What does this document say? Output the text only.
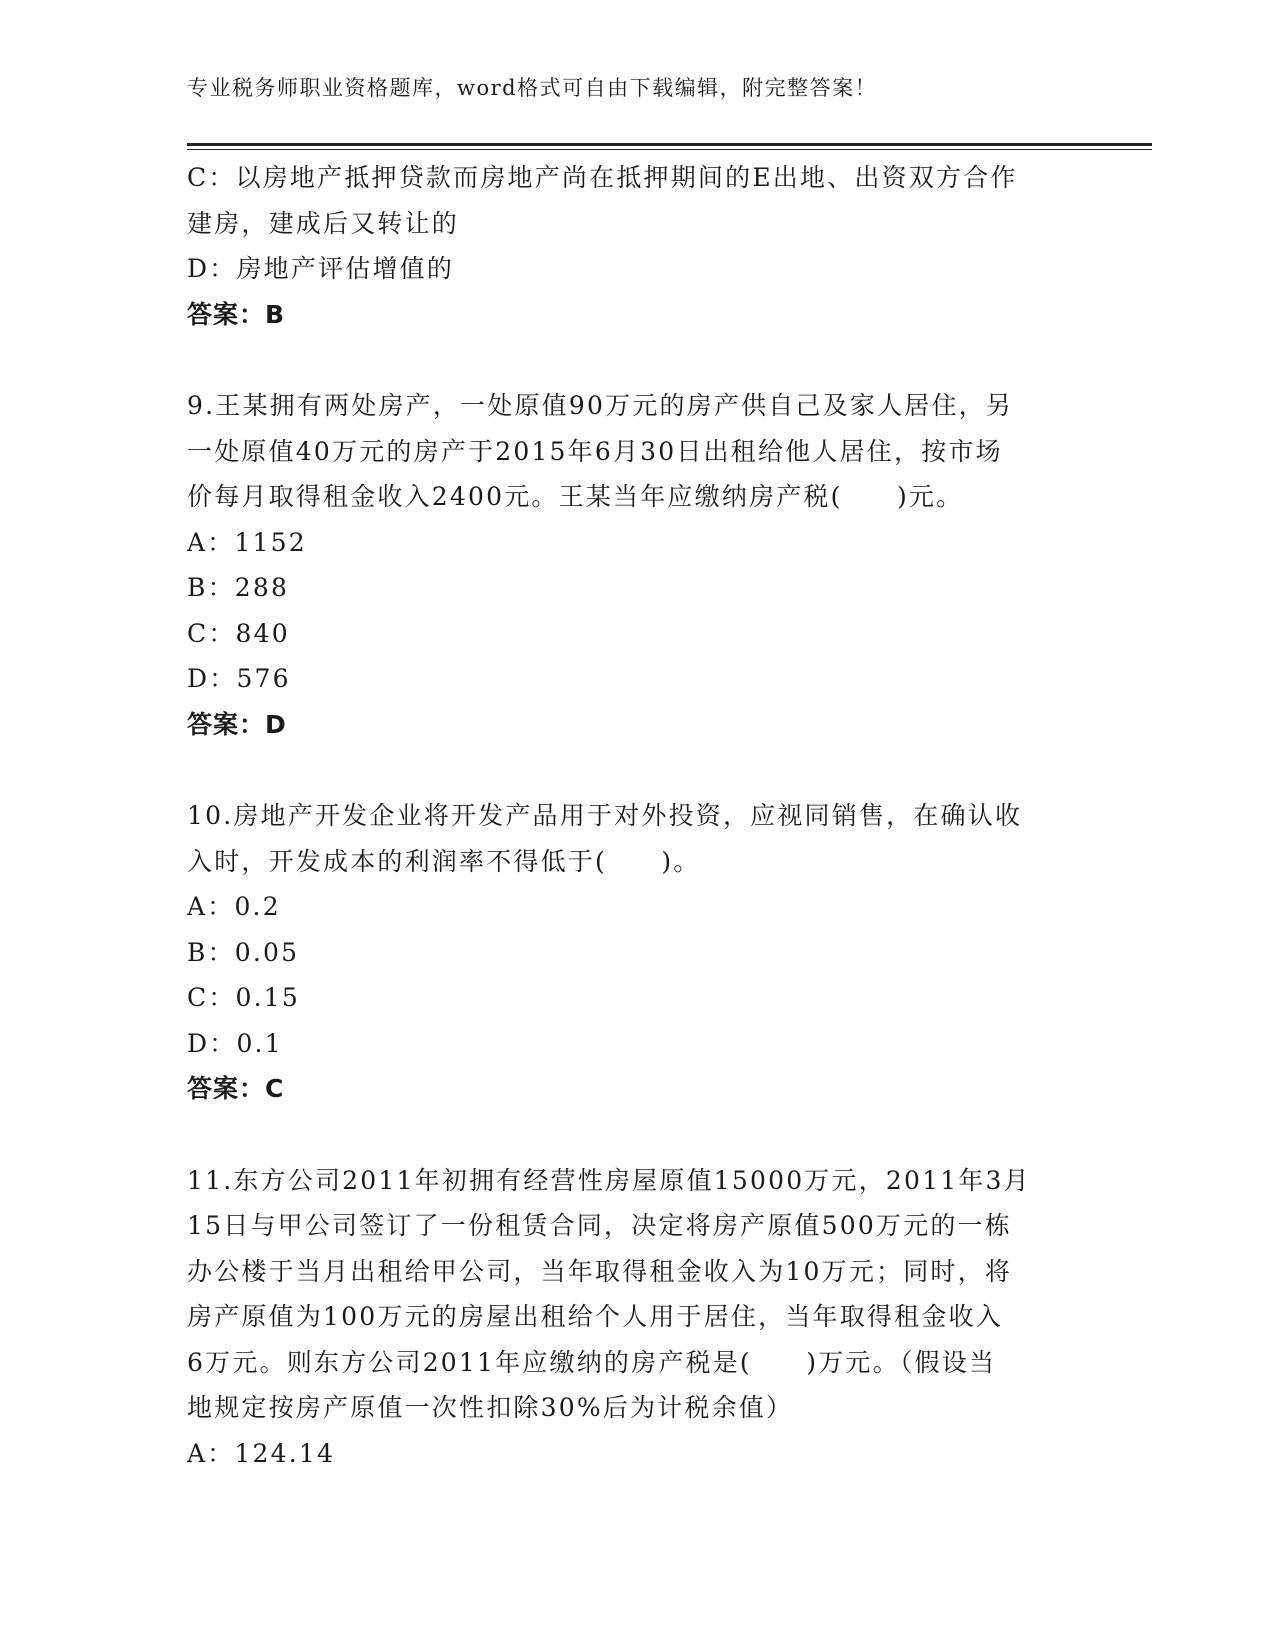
专业税务师职业资格题库，word格式可自由下载编辑，附完整答案！
C：以房地产抵押贷款而房地产尚在抵押期间的E出地、出资双方合作
建房，建成后又转让的
D：房地产评估增值的
答案：B
9.王某拥有两处房产，一处原值90万元的房产供自己及家人居住，另
一处原值40万元的房产于2015年6月30日出租给他人居住，按市场
价每月取得租金收入2400元。王某当年应缴纳房产税(　　)元。
A：1152
B：288
C：840
D：576
答案：D
10.房地产开发企业将开发产品用于对外投资，应视同销售，在确认收
入时，开发成本的利润率不得低于(　　)。
A：0.2
B：0.05
C：0.15
D：0.1
答案：C
11.东方公司2011年初拥有经营性房屋原值15000万元，2011年3月
15日与甲公司签订了一份租赁合同，决定将房产原值500万元的一栋
办公楼于当月出租给甲公司，当年取得租金收入为10万元；同时，将
房产原值为100万元的房屋出租给个人用于居住，当年取得租金收入
6万元。则东方公司2011年应缴纳的房产税是(　　)万元。（假设当
地规定按房产原值一次性扣除30%后为计税余值）
A：124.14
